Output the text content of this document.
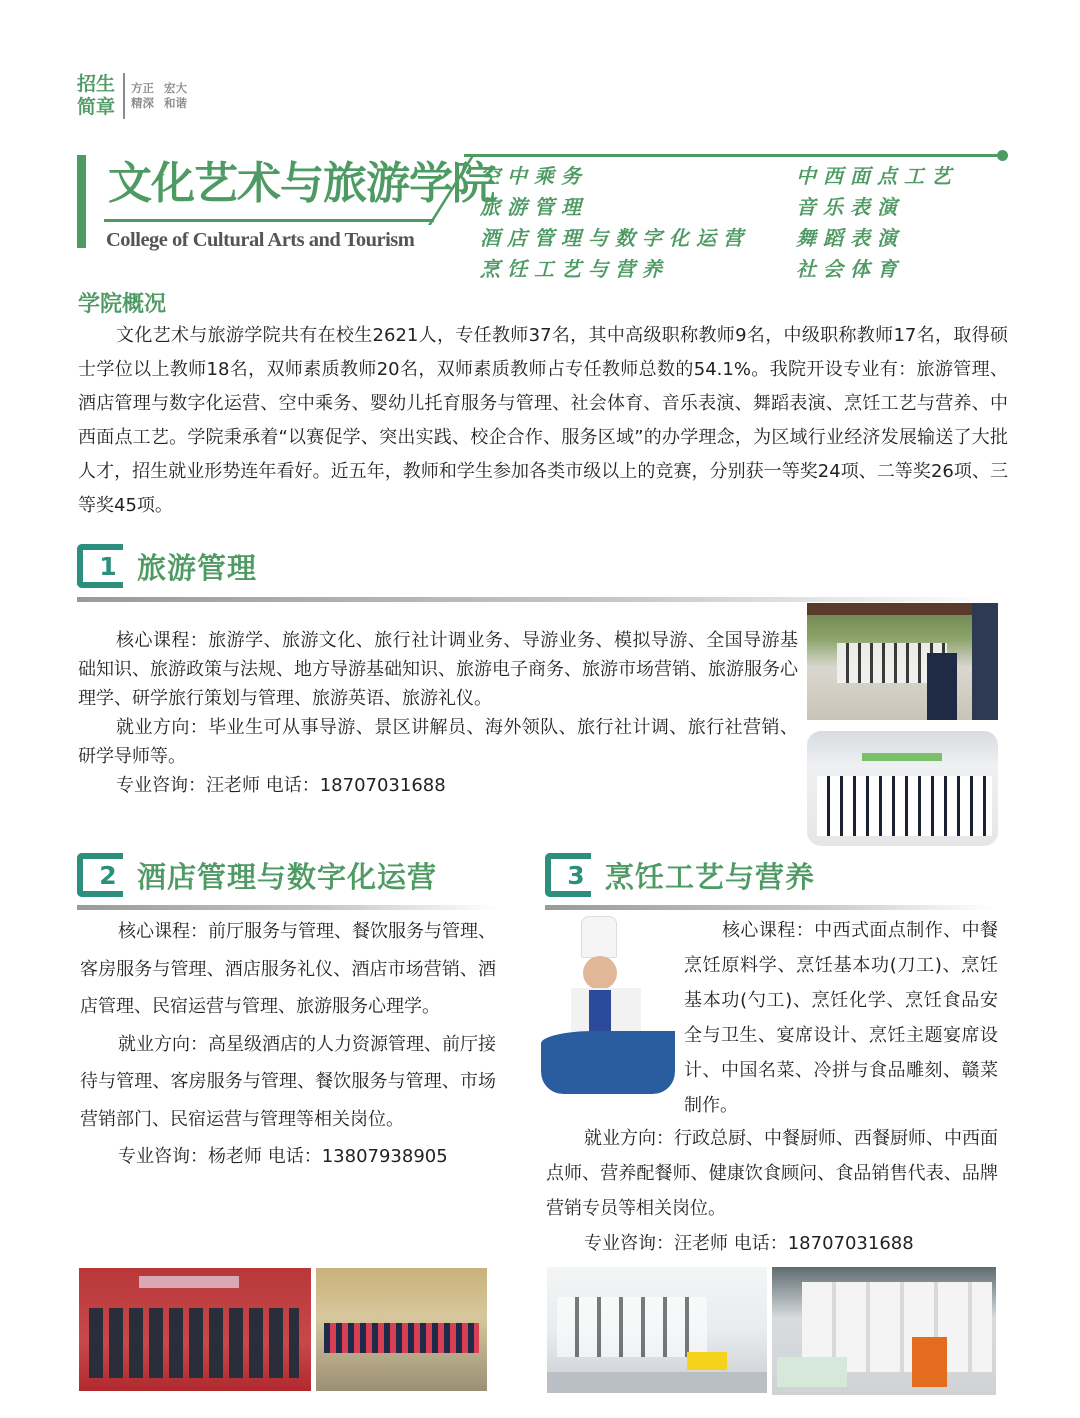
招生
简章
方正 宏大
精深 和谐
文化艺术与旅游学院
College of Cultural Arts and Tourism
空中乘务	中西面点工艺
旅游管理	音乐表演
酒店管理与数字化运营	舞蹈表演
烹饪工艺与营养	社会体育
学院概况
文化艺术与旅游学院共有在校生2621人，专任教师37名，其中高级职称教师9名，中级职称教师17名，取得硕士学位以上教师18名，双师素质教师20名，双师素质教师占专任教师总数的54.1%。我院开设专业有：旅游管理、酒店管理与数字化运营、空中乘务、婴幼儿托育服务与管理、社会体育、音乐表演、舞蹈表演、烹饪工艺与营养、中西面点工艺。学院秉承着“以赛促学、突出实践、校企合作、服务区域”的办学理念，为区域行业经济发展输送了大批人才，招生就业形势连年看好。近五年，教师和学生参加各类市级以上的竞赛，分别获一等奖24项、二等奖26项、三等奖45项。
1 旅游管理

核心课程：旅游学、旅游文化、旅行社计调业务、导游业务、模拟导游、全国导游基础知识、旅游政策与法规、地方导游基础知识、旅游电子商务、旅游市场营销、旅游服务心理学、研学旅行策划与管理、旅游英语、旅游礼仪。

就业方向：毕业生可从事导游、景区讲解员、海外领队、旅行社计调、旅行社营销、研学导师等。

专业咨询：汪老师 电话：18707031688

2 酒店管理与数字化运营

核心课程：前厅服务与管理、餐饮服务与管理、客房服务与管理、酒店服务礼仪、酒店市场营销、酒店管理、民宿运营与管理、旅游服务心理学。

就业方向：高星级酒店的人力资源管理、前厅接待与管理、客房服务与管理、餐饮服务与管理、市场营销部门、民宿运营与管理等相关岗位。

专业咨询：杨老师 电话：13807938905

3 烹饪工艺与营养

核心课程：中西式面点制作、中餐烹饪原料学、烹饪基本功(刀工)、烹饪基本功(勺工)、烹饪化学、烹饪食品安全与卫生、宴席设计、烹饪主题宴席设计、中国名菜、冷拼与食品雕刻、赣菜制作。

就业方向：行政总厨、中餐厨师、西餐厨师、中西面点师、营养配餐师、健康饮食顾问、食品销售代表、品牌营销专员等相关岗位。

专业咨询：汪老师 电话：18707031688
